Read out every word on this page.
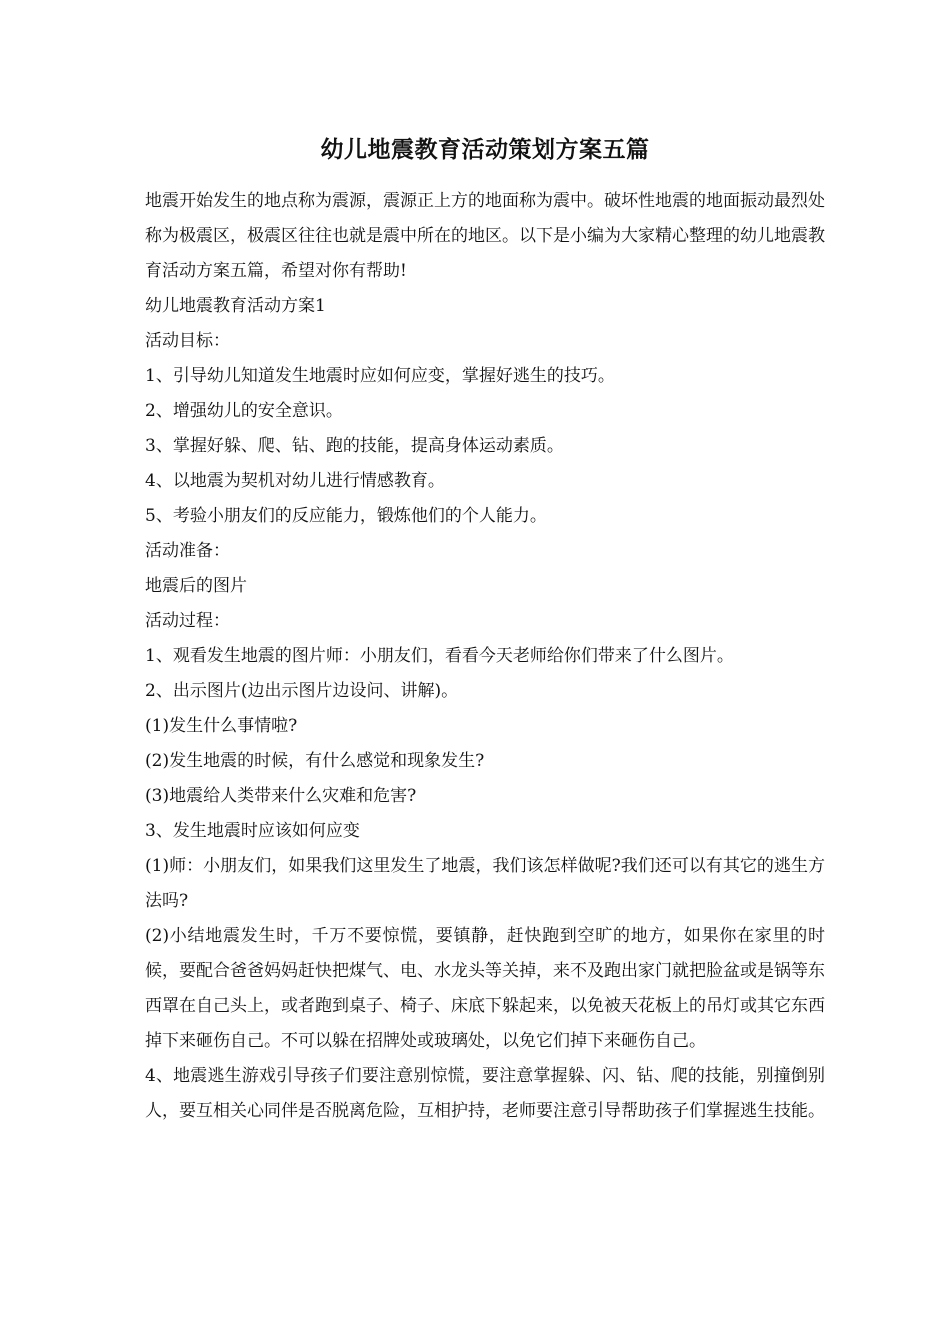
幼儿地震教育活动策划方案五篇

地震开始发生的地点称为震源，震源正上方的地面称为震中。破坏性地震的地面振动最烈处称为极震区，极震区往往也就是震中所在的地区。以下是小编为大家精心整理的幼儿地震教育活动方案五篇，希望对你有帮助!

幼儿地震教育活动方案1

活动目标：

1、引导幼儿知道发生地震时应如何应变，掌握好逃生的技巧。

2、增强幼儿的安全意识。

3、掌握好躲、爬、钻、跑的技能，提高身体运动素质。

4、以地震为契机对幼儿进行情感教育。

5、考验小朋友们的反应能力，锻炼他们的个人能力。

活动准备：

地震后的图片

活动过程：

1、观看发生地震的图片师：小朋友们，看看今天老师给你们带来了什么图片。

2、出示图片(边出示图片边设问、讲解)。

(1)发生什么事情啦?

(2)发生地震的时候，有什么感觉和现象发生?

(3)地震给人类带来什么灾难和危害?

3、发生地震时应该如何应变

(1)师：小朋友们，如果我们这里发生了地震，我们该怎样做呢?我们还可以有其它的逃生方法吗?

(2)小结地震发生时，千万不要惊慌，要镇静，赶快跑到空旷的地方，如果你在家里的时候，要配合爸爸妈妈赶快把煤气、电、水龙头等关掉，来不及跑出家门就把脸盆或是锅等东西罩在自己头上，或者跑到桌子、椅子、床底下躲起来，以免被天花板上的吊灯或其它东西掉下来砸伤自己。不可以躲在招牌处或玻璃处，以免它们掉下来砸伤自己。

4、地震逃生游戏引导孩子们要注意别惊慌，要注意掌握躲、闪、钻、爬的技能，别撞倒别人，要互相关心同伴是否脱离危险，互相护持，老师要注意引导帮助孩子们掌握逃生技能。
